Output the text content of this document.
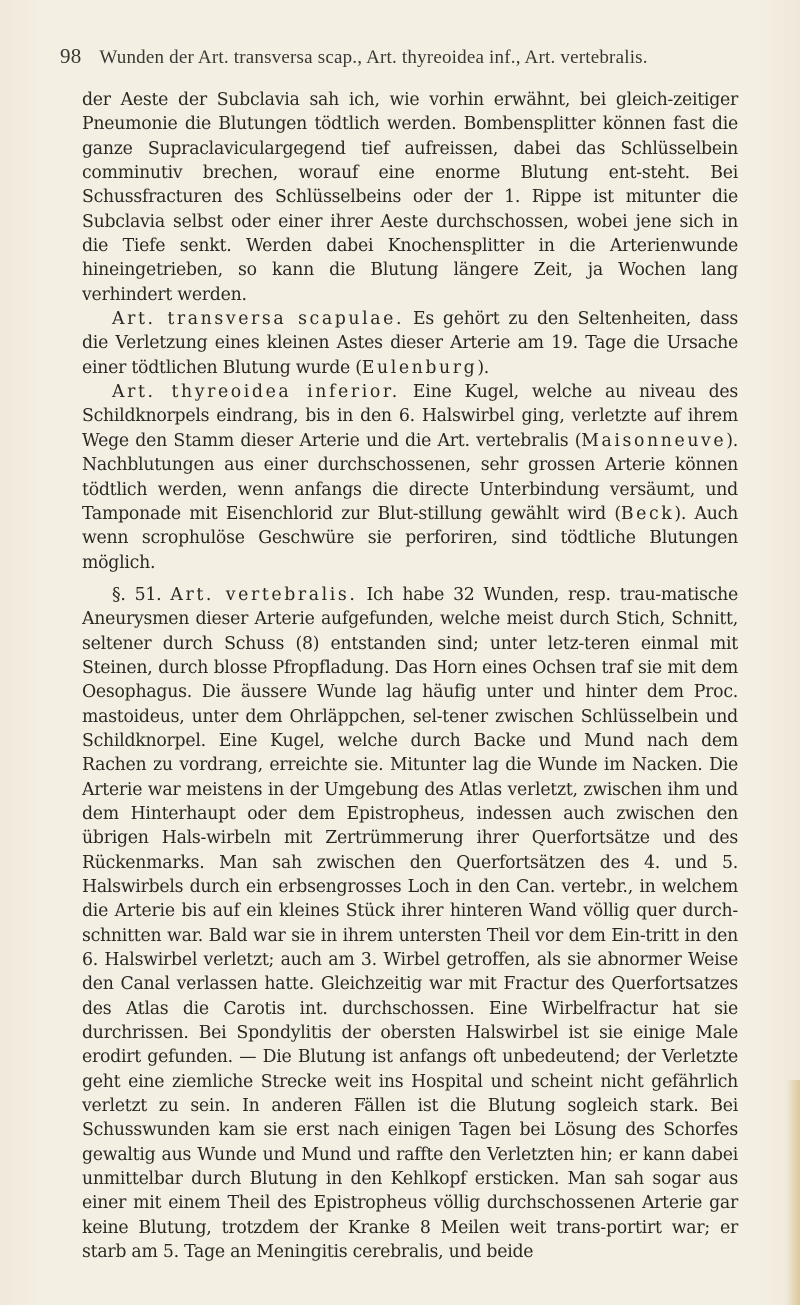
98 Wunden der Art. transversa scap., Art. thyreoidea inf., Art. vertebralis.

der Aeste der Subclavia sah ich, wie vorhin erwähnt, bei gleich-zeitiger Pneumonie die Blutungen tödtlich werden. Bombensplitter können fast die ganze Supraclaviculargegend tief aufreissen, dabei das Schlüsselbein comminutiv brechen, worauf eine enorme Blutung ent-steht. Bei Schussfracturen des Schlüsselbeins oder der 1. Rippe ist mitunter die Subclavia selbst oder einer ihrer Aeste durchschossen, wobei jene sich in die Tiefe senkt. Werden dabei Knochensplitter in die Arterienwunde hineingetrieben, so kann die Blutung längere Zeit, ja Wochen lang verhindert werden.

Art. transversa scapulae. Es gehört zu den Seltenheiten, dass die Verletzung eines kleinen Astes dieser Arterie am 19. Tage die Ursache einer tödtlichen Blutung wurde (Eulenburg).

Art. thyreoidea inferior. Eine Kugel, welche au niveau des Schildknorpels eindrang, bis in den 6. Halswirbel ging, verletzte auf ihrem Wege den Stamm dieser Arterie und die Art. vertebralis (Maisonneuve). Nachblutungen aus einer durchschossenen, sehr grossen Arterie können tödtlich werden, wenn anfangs die directe Unterbindung versäumt, und Tamponade mit Eisenchlorid zur Blut-stillung gewählt wird (Beck). Auch wenn scrophulöse Geschwüre sie perforiren, sind tödtliche Blutungen möglich.

§. 51. Art. vertebralis. Ich habe 32 Wunden, resp. trau-matische Aneurysmen dieser Arterie aufgefunden, welche meist durch Stich, Schnitt, seltener durch Schuss (8) entstanden sind; unter letz-teren einmal mit Steinen, durch blosse Pfropfladung. Das Horn eines Ochsen traf sie mit dem Oesophagus. Die äussere Wunde lag häufig unter und hinter dem Proc. mastoideus, unter dem Ohrläppchen, sel-tener zwischen Schlüsselbein und Schildknorpel. Eine Kugel, welche durch Backe und Mund nach dem Rachen zu vordrang, erreichte sie. Mitunter lag die Wunde im Nacken. Die Arterie war meistens in der Umgebung des Atlas verletzt, zwischen ihm und dem Hinterhaupt oder dem Epistropheus, indessen auch zwischen den übrigen Hals-wirbeln mit Zertrümmerung ihrer Querfortsätze und des Rückenmarks. Man sah zwischen den Querfortsätzen des 4. und 5. Halswirbels durch ein erbsengrosses Loch in den Can. vertebr., in welchem die Arterie bis auf ein kleines Stück ihrer hinteren Wand völlig quer durch-schnitten war. Bald war sie in ihrem untersten Theil vor dem Ein-tritt in den 6. Halswirbel verletzt; auch am 3. Wirbel getroffen, als sie abnormer Weise den Canal verlassen hatte. Gleichzeitig war mit Fractur des Querfortsatzes des Atlas die Carotis int. durchschossen. Eine Wirbelfractur hat sie durchrissen. Bei Spondylitis der obersten Halswirbel ist sie einige Male erodirt gefunden. — Die Blutung ist anfangs oft unbedeutend; der Verletzte geht eine ziemliche Strecke weit ins Hospital und scheint nicht gefährlich verletzt zu sein. In anderen Fällen ist die Blutung sogleich stark. Bei Schusswunden kam sie erst nach einigen Tagen bei Lösung des Schorfes gewaltig aus Wunde und Mund und raffte den Verletzten hin; er kann dabei unmittelbar durch Blutung in den Kehlkopf ersticken. Man sah sogar aus einer mit einem Theil des Epistropheus völlig durchschossenen Arterie gar keine Blutung, trotzdem der Kranke 8 Meilen weit trans-portirt war; er starb am 5. Tage an Meningitis cerebralis, und beide
